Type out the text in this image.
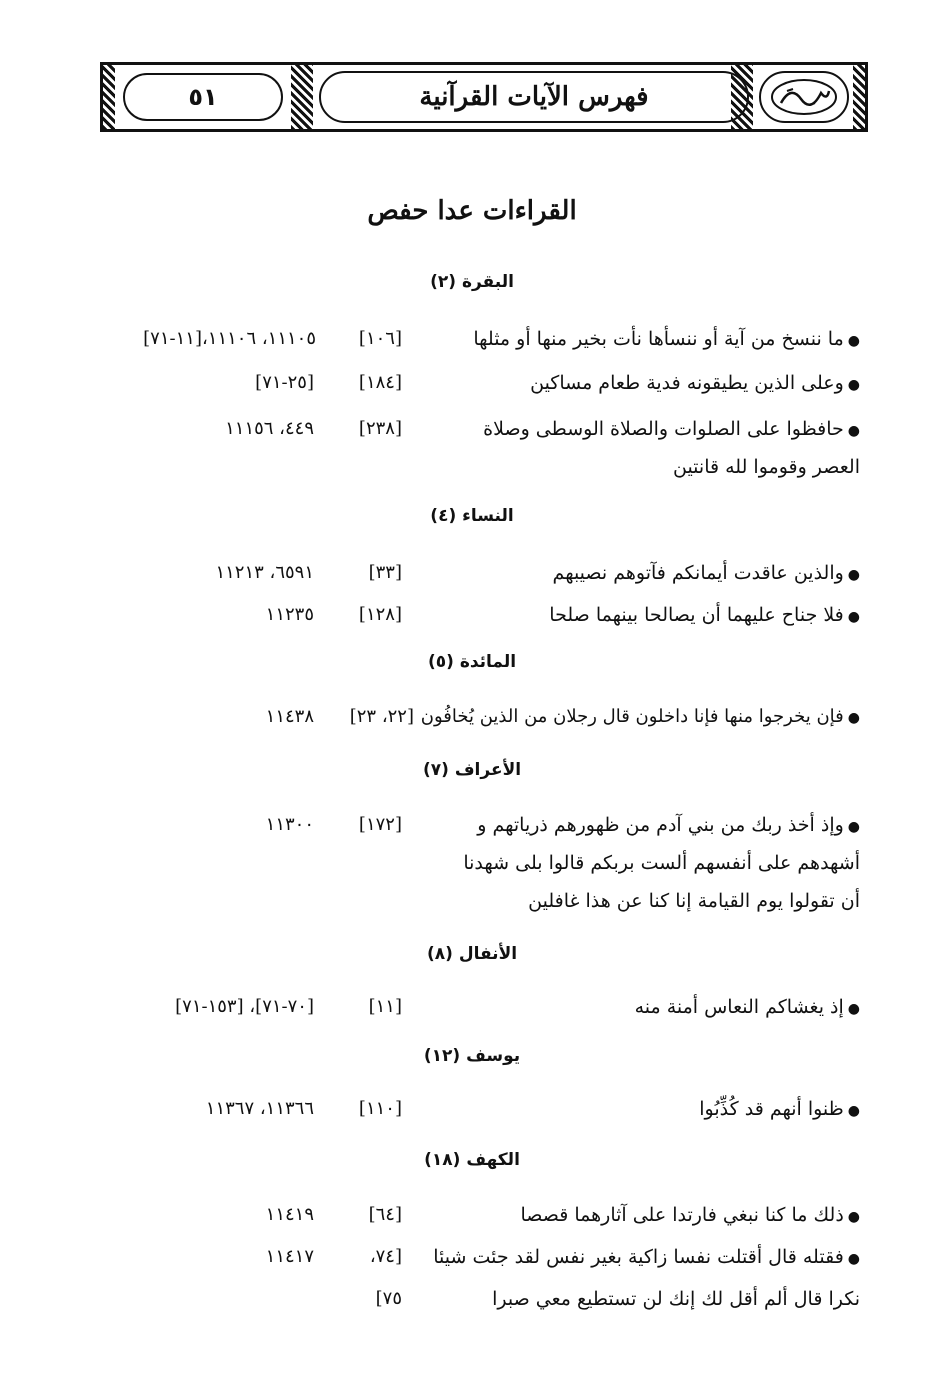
٥١	فهرس الآيات القرآنية
القراءات عدا حفص
(٢) البقرة
●ما ننسخ من آية أو ننسأها نأت بخير منها أو مثلها
[١٠٦]
١١١٠٥، ١١١٠٦،[١١-٧١]
●وعلى الذين يطيقونه فدية طعام مساكين
[١٨٤]
[٢٥-٧١]
●حافظوا على الصلوات والصلاة الوسطى وصلاة
[٢٣٨]
٤٤٩، ١١١٥٦
العصر وقوموا لله قانتين
(٤) النساء
●والذين عاقدت أيمانكم فآتوهم نصيبهم
[٣٣]
٦٥٩١، ١١٢١٣
●فلا جناح عليهما أن يصالحا بينهما صلحا
[١٢٨]
١١٢٣٥
(٥) المائدة
●فإن يخرجوا منها فإنا داخلون قال رجلان من الذين يُخافُون
[٢٢، ٢٣]
١١٤٣٨
(٧) الأعراف
●وإذ أخذ ربك من بني آدم من ظهورهم ذرياتهم و
[١٧٢]
١١٣٠٠
أشهدهم على أنفسهم ألست بربكم قالوا بلى شهدنا
أن تقولوا يوم القيامة إنا كنا عن هذا غافلين
(٨) الأنفال
●إذ يغشاكم النعاس أمنة منه
[١١]
[٧٠-٧١]، [١٥٣-٧١]
(١٢) يوسف
●ظنوا أنهم قد كُذِّبُوا
[١١٠]
١١٣٦٦، ١١٣٦٧
(١٨) الكهف
●ذلك ما كنا نبغي فارتدا على آثارهما قصصا
[٦٤]
١١٤١٩
●فقتله قال أقتلت نفسا زاكية بغير نفس لقد جئت شيئا
[٧٤،
١١٤١٧
نكرا قال ألم أقل لك إنك لن تستطيع معي صبرا
٧٥]
